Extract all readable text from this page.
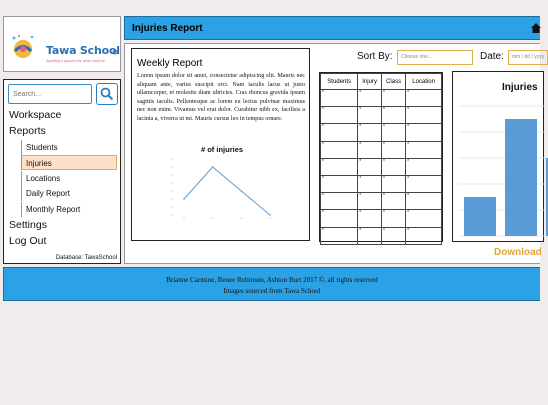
Tawa School
Sparking a passion for what could be
Search...
Workspace
Reports
Students
Injuries
Locations
Daily Report
Monthly Report
Settings
Log Out
Database: TawaSchool
Injuries Report
Weekly Report
Lorem ipsum dolor sit amet, consectetur adipiscing elit. Mauris nec aliquam ante, varius suscipit orci. Nam iaculis lacus ut justo ullamcorper, et molestie diam ultricies. Cras rhoncus gravida ipsum sagittis iaculis. Pellentesque ac lorem eu lectus pulvinar maximus nec non enim. Vivamus vel erat dolor. Curabitur nibh ex, facilisis a lacinia a, viverra ut mi. Mauris cursus leo in tempus ornare.
# of injuries
Sort By:	Choose one...	Date:	mm / dd / yyyy
Students	Injury	Class	Location
*	*	*	*
*	*	*	*
*	*	*	*
*	*	*	*
*	*	*	*
*	*	*	*
*	*	*	*
*	*	*	*
*	*	*	*
Injuries
Download
Brianne Carmine, Renee Robinson, Ashton Burt 2017 ©, all rights reserved
Images sourced from Tawa School
